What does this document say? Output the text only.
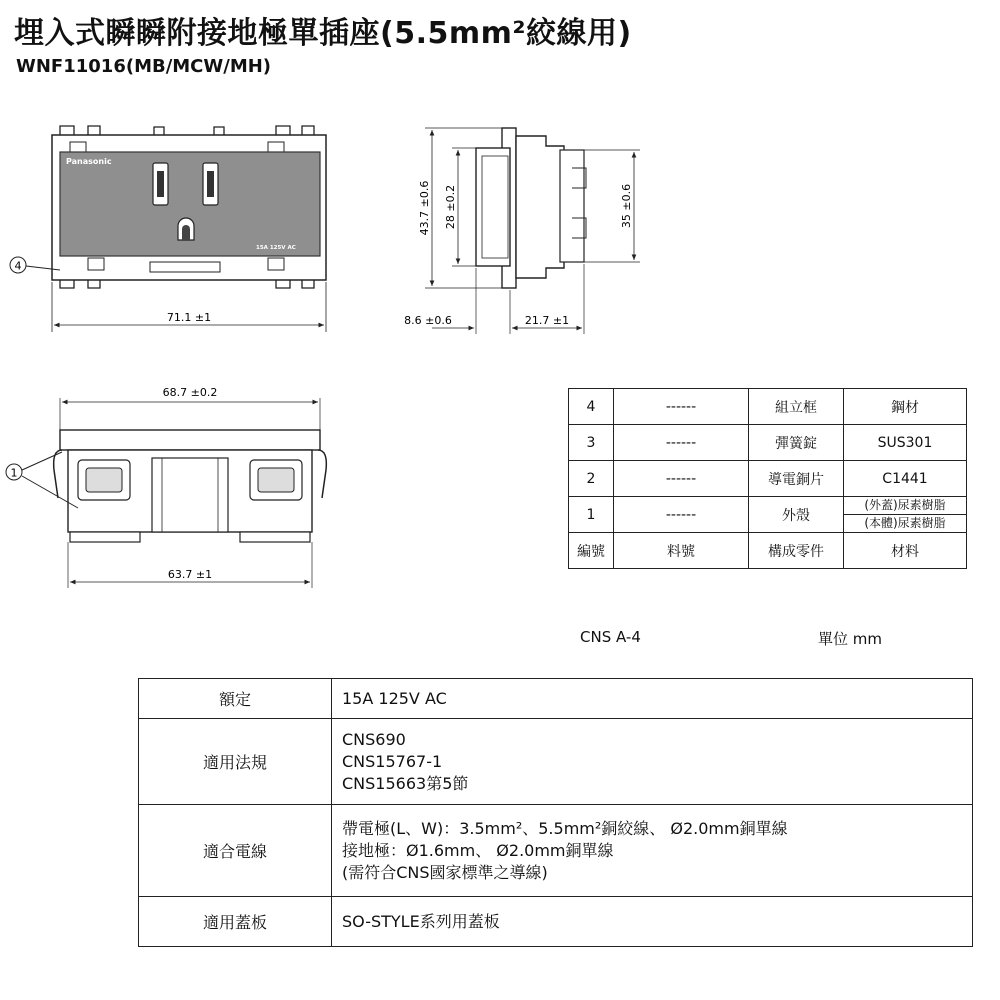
埋入式瞬瞬附接地極單插座(5.5mm²絞線用)
WNF11016(MB/MCW/MH)
Panasonic
15A 125V AC
4
71.1 ±1
43.7 ±0.6 28 ±0.2	35 ±0.6
8.6 ±0.6	21.7 ±1
68.7 ±0.2
1
63.7 ±1
4	------	組立框	鋼材
3	------	彈簧錠	SUS301
2	------	導電銅片	C1441
1	------	外殼	(外蓋)尿素樹脂
(本體)尿素樹脂

編號	料號	構成零件	材料
CNS A-4	單位 mm
額定	15A 125V AC

適用法規	CNS690
CNS15767-1
CNS15663第5節

適合電線	帶電極(L、W)：3.5mm²、5.5mm²銅絞線、 Ø2.0mm銅單線
接地極：Ø1.6mm、 Ø2.0mm銅單線
(需符合CNS國家標準之導線)

適用蓋板	SO-STYLE系列用蓋板
